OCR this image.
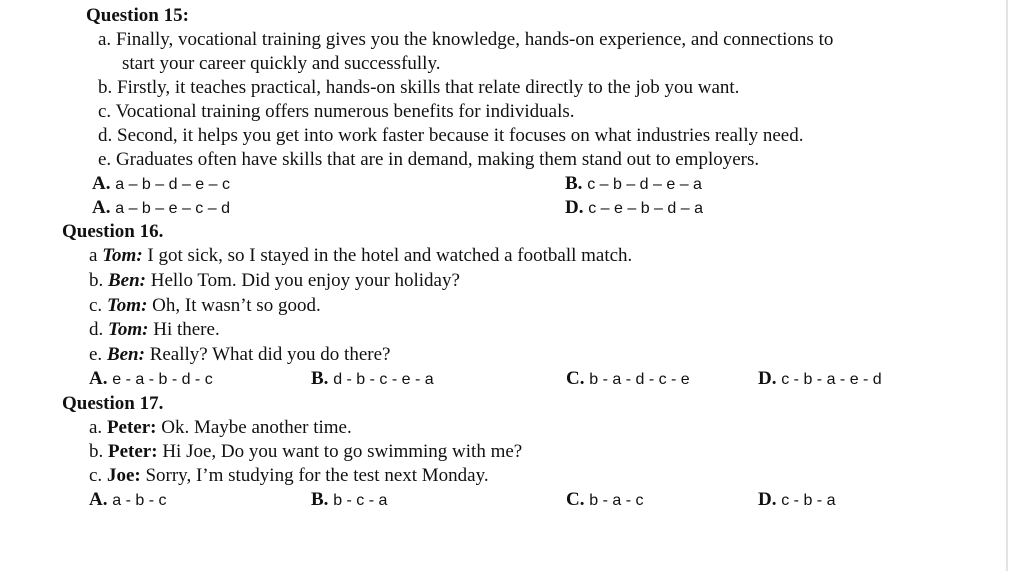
Question 15:
a. Finally, vocational training gives you the knowledge, hands-on experience, and connections to
start your career quickly and successfully.
b. Firstly, it teaches practical, hands-on skills that relate directly to the job you want.
c. Vocational training offers numerous benefits for individuals.
d. Second, it helps you get into work faster because it focuses on what industries really need.
e. Graduates often have skills that are in demand, making them stand out to employers.
A. a – b – d – e – c	B. c – b – d – e – a
A. a – b – e – c – d	D. c – e – b – d – a
Question 16.
a Tom: I got sick, so I stayed in the hotel and watched a football match.
b. Ben: Hello Tom. Did you enjoy your holiday?
c. Tom: Oh, It wasn’t so good.
d. Tom: Hi there.
e. Ben: Really? What did you do there?
A. e - a - b - d - c	B. d - b - c - e - a	C. b - a - d - c - e	D. c - b - a - e - d
Question 17.
a. Peter: Ok. Maybe another time.
b. Peter: Hi Joe, Do you want to go swimming with me?
c. Joe: Sorry, I’m studying for the test next Monday.
A. a - b - c	B. b - c - a	C. b - a - c	D. c - b - a
